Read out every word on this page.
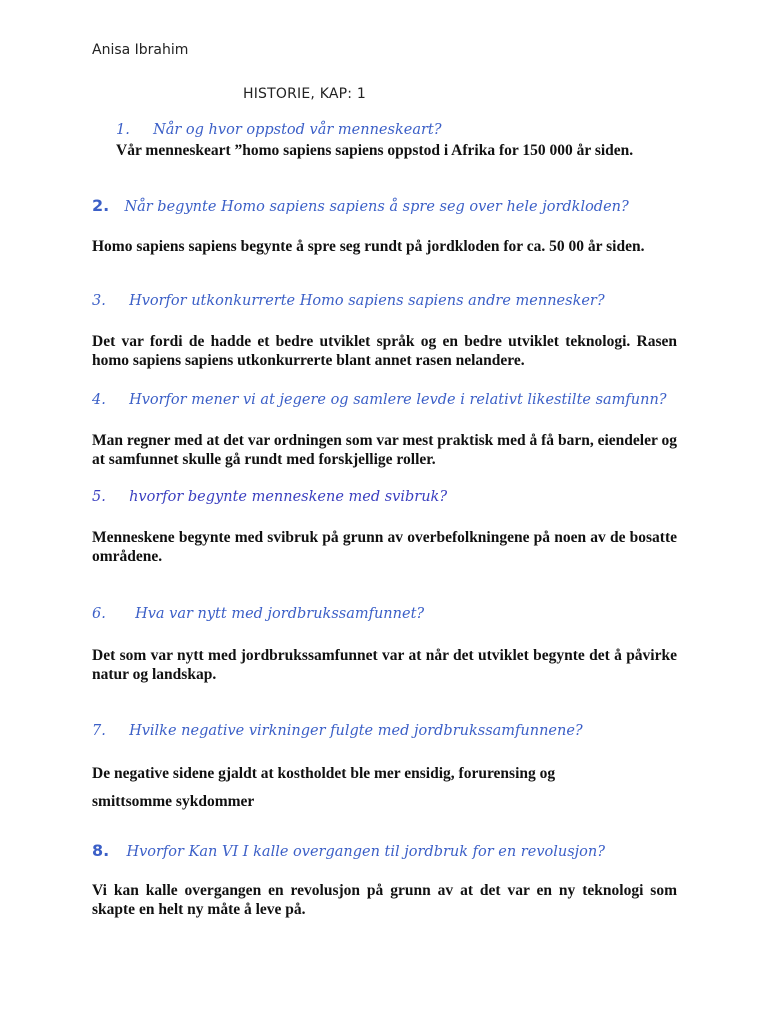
Anisa Ibrahim
HISTORIE, KAP: 1
1. Når og hvor oppstod vår menneskeart?
Vår menneskeart ”homo sapiens sapiens oppstod i Afrika for 150 000 år siden.
2. Når begynte Homo sapiens sapiens å spre seg over hele jordkloden?
Homo sapiens sapiens begynte å spre seg rundt på jordkloden for ca. 50 00 år siden.
3. Hvorfor utkonkurrerte Homo sapiens sapiens andre mennesker?
Det var fordi de hadde et bedre utviklet språk og en bedre utviklet teknologi. Rasen homo sapiens sapiens utkonkurrerte blant annet rasen nelandere.
4. Hvorfor mener vi at jegere og samlere levde i relativt likestilte samfunn?
Man regner med at det var ordningen som var mest praktisk med å få barn, eiendeler og at samfunnet skulle gå rundt med forskjellige roller.
5. hvorfor begynte menneskene med svibruk?
Menneskene begynte med svibruk på grunn av overbefolkningene på noen av de bosatte områdene.
6. Hva var nytt med jordbrukssamfunnet?
Det som var nytt med jordbrukssamfunnet var at når det utviklet begynte det å påvirke natur og landskap.
7. Hvilke negative virkninger fulgte med jordbrukssamfunnene?
De negative sidene gjaldt at kostholdet ble mer ensidig, forurensing og
smittsomme sykdommer
8. Hvorfor Kan VI I kalle overgangen til jordbruk for en revolusjon?
Vi kan kalle overgangen en revolusjon på grunn av at det var en ny teknologi som skapte en helt ny måte å leve på.
